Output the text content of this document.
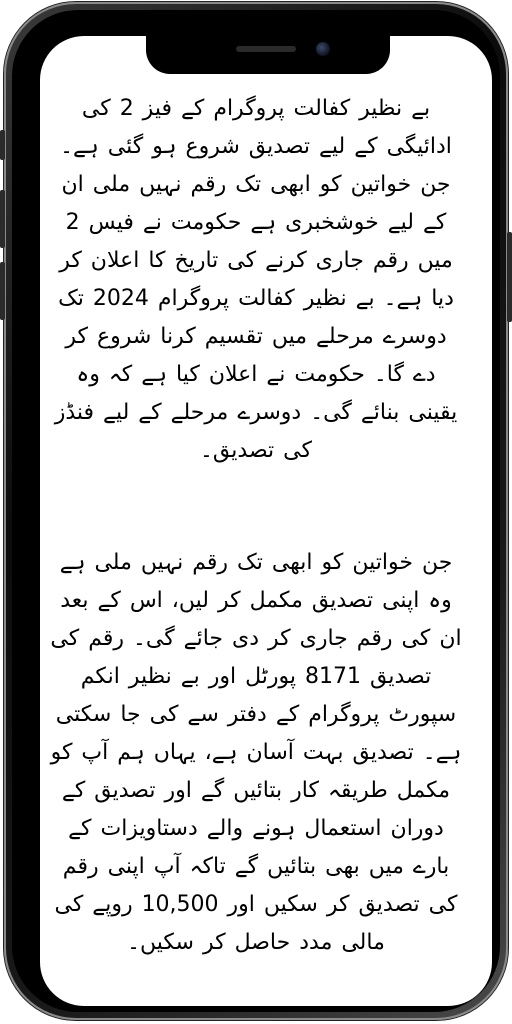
بے نظیر کفالت پروگرام کے فیز 2 کی ادائیگی کے لیے تصدیق شروع ہو گئی ہے۔ جن خواتین کو ابھی تک رقم نہیں ملی ان کے لیے خوشخبری ہے حکومت نے فیس 2 میں رقم جاری کرنے کی تاریخ کا اعلان کر دیا ہے۔ بے نظیر کفالت پروگرام 2024 تک دوسرے مرحلے میں تقسیم کرنا شروع کر دے گا۔ حکومت نے اعلان کیا ہے کہ وہ یقینی بنائے گی۔ دوسرے مرحلے کے لیے فنڈز کی تصدیق۔

جن خواتین کو ابھی تک رقم نہیں ملی ہے وہ اپنی تصدیق مکمل کر لیں، اس کے بعد ان کی رقم جاری کر دی جائے گی۔ رقم کی تصدیق 8171 پورٹل اور بے نظیر انکم سپورٹ پروگرام کے دفتر سے کی جا سکتی ہے۔ تصدیق بہت آسان ہے، یہاں ہم آپ کو مکمل طریقہ کار بتائیں گے اور تصدیق کے دوران استعمال ہونے والے دستاویزات کے بارے میں بھی بتائیں گے تاکہ آپ اپنی رقم کی تصدیق کر سکیں اور 10,500 روپے کی مالی مدد حاصل کر سکیں۔
